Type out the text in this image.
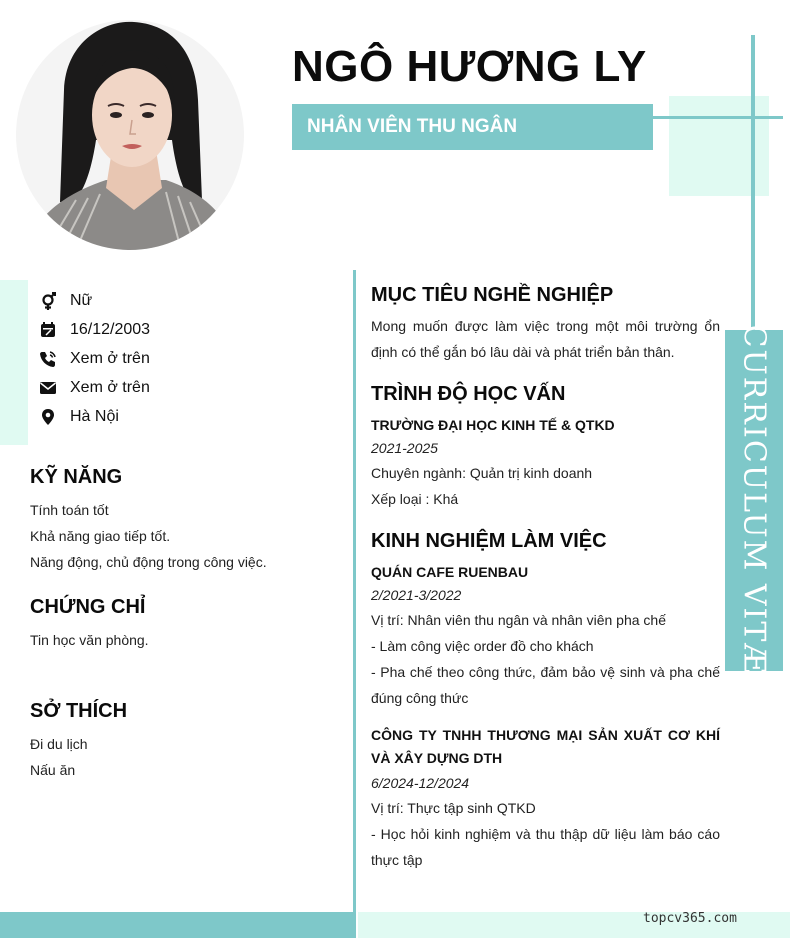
CURRICULUM VITÆ
NGÔ HƯƠNG LY
NHÂN VIÊN THU NGÂN
Nữ
16/12/2003
Xem ở trên
Xem ở trên
Hà Nội
KỸ NĂNG
Tính toán tốt
Khả năng giao tiếp tốt.
Năng động, chủ động trong công việc.
CHỨNG CHỈ
Tin học văn phòng.
SỞ THÍCH
Đi du lịch
Nấu ăn
MỤC TIÊU NGHỀ NGHIỆP
Mong muốn được làm việc trong một môi trường ổn định có thể gắn bó lâu dài và phát triển bản thân.
TRÌNH ĐỘ HỌC VẤN
TRƯỜNG ĐẠI HỌC KINH TẾ & QTKD
2021-2025
Chuyên ngành: Quản trị kinh doanh
Xếp loại : Khá
KINH NGHIỆM LÀM VIỆC
QUÁN CAFE RUENBAU
2/2021-3/2022
Vị trí: Nhân viên thu ngân và nhân viên pha chế
- Làm công việc order đồ cho khách
- Pha chế theo công thức, đảm bảo vệ sinh và pha chế đúng công thức
CÔNG TY TNHH THƯƠNG MẠI SẢN XUẤT CƠ KHÍ VÀ XÂY DỰNG DTH
6/2024-12/2024
Vị trí: Thực tập sinh QTKD
- Học hỏi kinh nghiệm và thu thập dữ liệu làm báo cáo thực tập
topcv365.com
